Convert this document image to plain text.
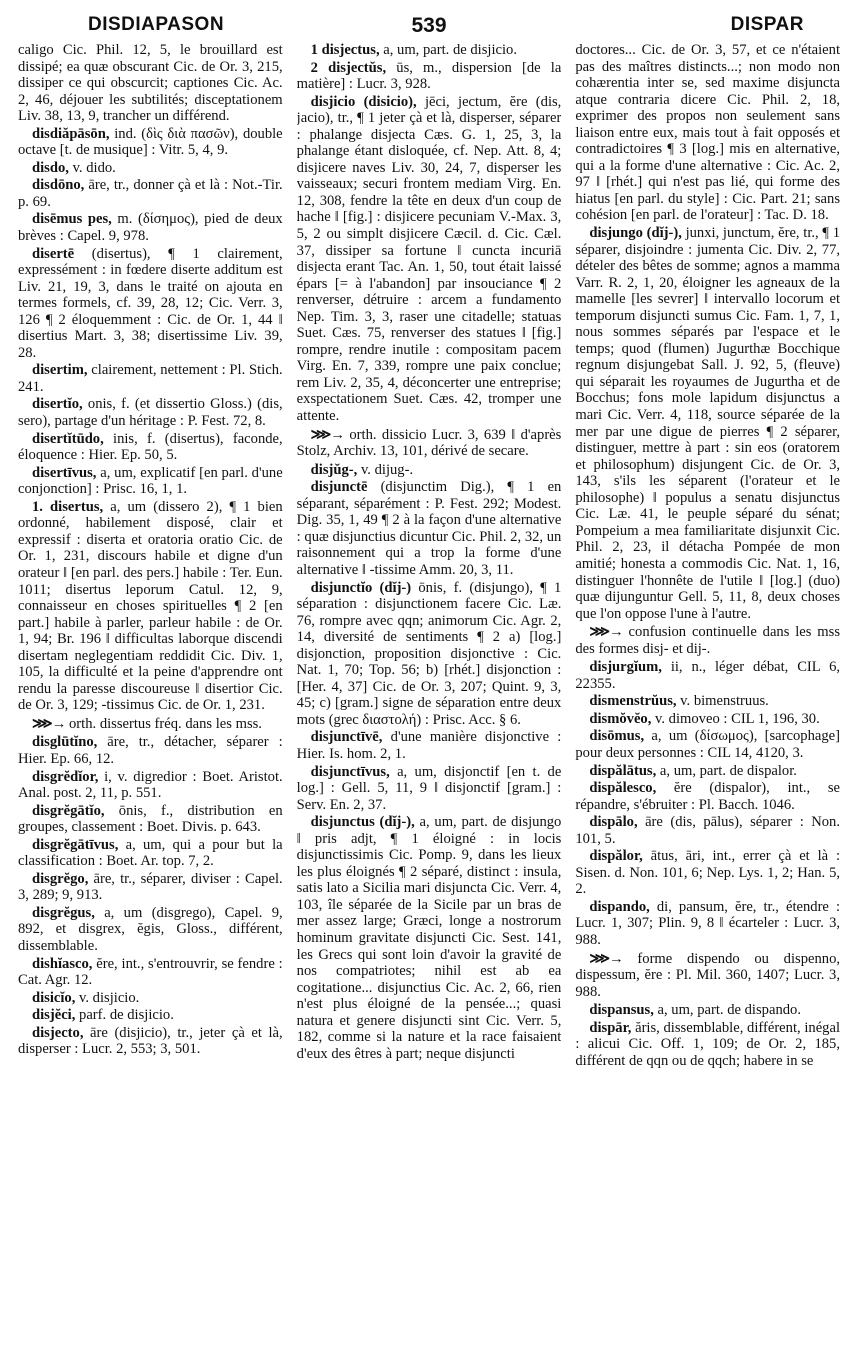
DISDIAPASON	539	DISPAR

caligo Cic. Phil. 12, 5, le brouillard est dissipé; ea quæ obscurant Cic. de Or. 3, 215, dissiper ce qui obscurcit; captiones Cic. Ac. 2, 46, déjouer les subtilités; disceptationem Liv. 38, 13, 9, trancher un différend.

disdiăpāsōn, ind. (δὶς διὰ πασῶν), double octave [t. de musique] : Vitr. 5, 4, 9.

disdo, v. dido.

disdōno, āre, tr., donner çà et là : Not.-Tir. p. 69.

disēmus pes, m. (δίσημος), pied de deux brèves : Capel. 9, 978.

disertē (disertus), ¶ 1 clairement, expressément : in fœdere diserte additum est Liv. 21, 19, 3, dans le traité on ajouta en termes formels, cf. 39, 28, 12; Cic. Verr. 3, 126 ¶ 2 éloquemment : Cic. de Or. 1, 44 ‖ disertius Mart. 3, 38; disertissime Liv. 39, 28.

disertim, clairement, nettement : Pl. Stich. 241.

disertĭo, onis, f. (et dissertio Gloss.) (dis, sero), partage d'un héritage : P. Fest. 72, 8.

disertĭtūdo, inis, f. (disertus), faconde, éloquence : Hier. Ep. 50, 5.

disertīvus, a, um, explicatif [en parl. d'une conjonction] : Prisc. 16, 1, 1.

1. disertus, a, um (dissero 2), ¶ 1 bien ordonné, habilement disposé, clair et expressif : diserta et oratoria oratio Cic. de Or. 1, 231, discours habile et digne d'un orateur ‖ [en parl. des pers.] habile : Ter. Eun. 1011; disertus leporum Catul. 12, 9, connaisseur en choses spirituelles ¶ 2 [en part.] habile à parler, parleur habile : de Or. 1, 94; Br. 196 ‖ difficultas laborque discendi disertam neglegentiam reddidit Cic. Div. 1, 105, la difficulté et la peine d'apprendre ont rendu la paresse discoureuse ‖ disertior Cic. de Or. 3, 129; -tissimus Cic. de Or. 1, 231.

⋙→ orth. dissertus fréq. dans les mss.

disglūtĭno, āre, tr., détacher, séparer : Hier. Ep. 66, 12.

disgrĕdĭor, i, v. digredior : Boet. Aristot. Anal. post. 2, 11, p. 551.

disgrĕgātĭo, ōnis, f., distribution en groupes, classement : Boet. Divis. p. 643.

disgrĕgātīvus, a, um, qui a pour but la classification : Boet. Ar. top. 7, 2.

disgrĕgo, āre, tr., séparer, diviser : Capel. 3, 289; 9, 913.

disgrĕgus, a, um (disgrego), Capel. 9, 892, et disgrex, ĕgis, Gloss., différent, dissemblable.

dishĭasco, ĕre, int., s'entrouvrir, se fendre : Cat. Agr. 12.

disicĭo, v. disjicio.

disjĕci, parf. de disjicio.

disjecto, āre (disjicio), tr., jeter çà et là, disperser : Lucr. 2, 553; 3, 501.

1 disjectus, a, um, part. de disjicio.

2 disjectŭs, ūs, m., dispersion [de la matière] : Lucr. 3, 928.

disjicio (disicio), jēci, jectum, ĕre (dis, jacio), tr., ¶ 1 jeter çà et là, disperser, séparer : phalange disjecta Cæs. G. 1, 25, 3, la phalange étant disloquée, cf. Nep. Att. 8, 4; disjicere naves Liv. 30, 24, 7, disperser les vaisseaux; securi frontem mediam Virg. En. 12, 308, fendre la tête en deux d'un coup de hache ‖ [fig.] : disjicere pecuniam V.-Max. 3, 5, 2 ou simplt disjicere Cæcil. d. Cic. Cæl. 37, dissiper sa fortune ‖ cuncta incuriā disjecta erant Tac. An. 1, 50, tout était laissé épars [= à l'abandon] par insouciance ¶ 2 renverser, détruire : arcem a fundamento Nep. Tim. 3, 3, raser une citadelle; statuas Suet. Cæs. 75, renverser des statues ‖ [fig.] rompre, rendre inutile : compositam pacem Virg. En. 7, 339, rompre une paix conclue; rem Liv. 2, 35, 4, déconcerter une entreprise; exspectationem Suet. Cæs. 42, tromper une attente.

⋙→ orth. dissicio Lucr. 3, 639 ‖ d'après Stolz, Archiv. 13, 101, dérivé de secare.

disjŭg-, v. dijug-.

disjunctē (disjunctim Dig.), ¶ 1 en séparant, séparément : P. Fest. 292; Modest. Dig. 35, 1, 49 ¶ 2 à la façon d'une alternative : quæ disjunctius dicuntur Cic. Phil. 2, 32, un raisonnement qui a trop la forme d'une alternative ‖ -tissime Amm. 20, 3, 11.

disjunctĭo (dĭj-) ōnis, f. (disjungo), ¶ 1 séparation : disjunctionem facere Cic. Læ. 76, rompre avec qqn; animorum Cic. Agr. 2, 14, diversité de sentiments ¶ 2 a) [log.] disjonction, proposition disjonctive : Cic. Nat. 1, 70; Top. 56; b) [rhét.] disjonction : [Her. 4, 37] Cic. de Or. 3, 207; Quint. 9, 3, 45; c) [gram.] signe de séparation entre deux mots (grec διαστολή) : Prisc. Acc. § 6.

disjunctīvē, d'une manière disjonctive : Hier. Is. hom. 2, 1.

disjunctīvus, a, um, disjonctif [en t. de log.] : Gell. 5, 11, 9 ‖ disjonctif [gram.] : Serv. En. 2, 37.

disjunctus (dĭj-), a, um, part. de disjungo ‖ pris adjt, ¶ 1 éloigné : in locis disjunctissimis Cic. Pomp. 9, dans les lieux les plus éloignés ¶ 2 séparé, distinct : insula, satis lato a Sicilia mari disjuncta Cic. Verr. 4, 103, île séparée de la Sicile par un bras de mer assez large; Græci, longe a nostrorum hominum gravitate disjuncti Cic. Sest. 141, les Grecs qui sont loin d'avoir la gravité de nos compatriotes; nihil est ab ea cogitatione... disjunctius Cic. Ac. 2, 66, rien n'est plus éloigné de la pensée...; quasi natura et genere disjuncti sint Cic. Verr. 5, 182, comme si la nature et la race faisaient d'eux des êtres à part; neque disjuncti

doctores... Cic. de Or. 3, 57, et ce n'étaient pas des maîtres distincts...; non modo non cohærentia inter se, sed maxime disjuncta atque contraria dicere Cic. Phil. 2, 18, exprimer des propos non seulement sans liaison entre eux, mais tout à fait opposés et contradictoires ¶ 3 [log.] mis en alternative, qui a la forme d'une alternative : Cic. Ac. 2, 97 ‖ [rhét.] qui n'est pas lié, qui forme des hiatus [en parl. du style] : Cic. Part. 21; sans cohésion [en parl. de l'orateur] : Tac. D. 18.

disjungo (dĭj-), junxi, junctum, ĕre, tr., ¶ 1 séparer, disjoindre : jumenta Cic. Div. 2, 77, dételer des bêtes de somme; agnos a mamma Varr. R. 2, 1, 20, éloigner les agneaux de la mamelle [les sevrer] ‖ intervallo locorum et temporum disjuncti sumus Cic. Fam. 1, 7, 1, nous sommes séparés par l'espace et le temps; quod (flumen) Jugurthæ Bocchique regnum disjungebat Sall. J. 92, 5, (fleuve) qui séparait les royaumes de Jugurtha et de Bocchus; fons mole lapidum disjunctus a mari Cic. Verr. 4, 118, source séparée de la mer par une digue de pierres ¶ 2 séparer, distinguer, mettre à part : sin eos (oratorem et philosophum) disjungent Cic. de Or. 3, 143, s'ils les séparent (l'orateur et le philosophe) ‖ populus a senatu disjunctus Cic. Læ. 41, le peuple séparé du sénat; Pompeium a mea familiaritate disjunxit Cic. Phil. 2, 23, il détacha Pompée de mon amitié; honesta a commodis Cic. Nat. 1, 16, distinguer l'honnête de l'utile ‖ [log.] (duo) quæ dijunguntur Gell. 5, 11, 8, deux choses que l'on oppose l'une à l'autre.

⋙→ confusion continuelle dans les mss des formes disj- et dij-.

disjurgĭum, ii, n., léger débat, CIL 6, 22355.

dismenstrŭus, v. bimenstruus.

dismŏvĕo, v. dimoveo : CIL 1, 196, 30.

disōmus, a, um (δίσωμος), [sarcophage] pour deux personnes : CIL 14, 4120, 3.

dispălātus, a, um, part. de dispalor.

dispălesco, ĕre (dispalor), int., se répandre, s'ébruiter : Pl. Bacch. 1046.

dispālo, āre (dis, pālus), séparer : Non. 101, 5.

dispălor, ātus, āri, int., errer çà et là : Sisen. d. Non. 101, 6; Nep. Lys. 1, 2; Han. 5, 2.

dispando, di, pansum, ĕre, tr., étendre : Lucr. 1, 307; Plin. 9, 8 ‖ écarteler : Lucr. 3, 988.

⋙→ forme dispendo ou dispenno, dispessum, ĕre : Pl. Mil. 360, 1407; Lucr. 3, 988.

dispansus, a, um, part. de dispando.

dispār, ăris, dissemblable, différent, inégal : alicui Cic. Off. 1, 109; de Or. 2, 185, différent de qqn ou de qqch; habere in se
